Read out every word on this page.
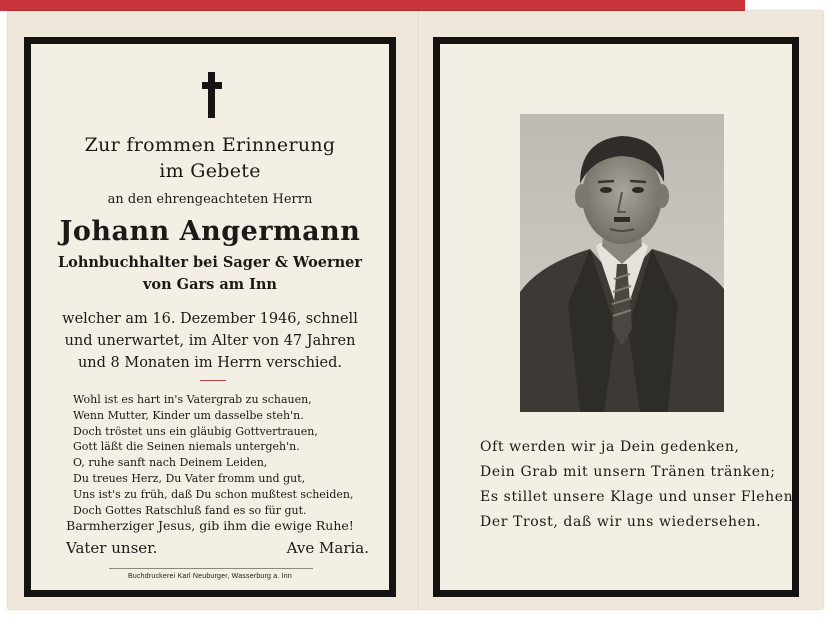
Zur frommen Erinnerung
im Gebete
an den ehrengeachteten Herrn
Johann Angermann
Lohnbuchhalter bei Sager & Woerner
von Gars am Inn
welcher am 16. Dezember 1946, schnell
und unerwartet, im Alter von 47 Jahren
und 8 Monaten im Herrn verschied.
Wohl ist es hart in's Vatergrab zu schauen,
Wenn Mutter, Kinder um dasselbe steh'n.
Doch tröstet uns ein gläubig Gottvertrauen,
Gott läßt die Seinen niemals untergeh'n.
O, ruhe sanft nach Deinem Leiden,
Du treues Herz, Du Vater fromm und gut,
Uns ist's zu früh, daß Du schon mußtest scheiden,
Doch Gottes Ratschluß fand es so für gut.
Barmherziger Jesus, gib ihm die ewige Ruhe!
Vater unser.	Ave Maria.
Buchdruckerei Karl Neuburger, Wasserburg a. Inn
Oft werden wir ja Dein gedenken,
Dein Grab mit unsern Tränen tränken;
Es stillet unsere Klage und unser Flehen
Der Trost, daß wir uns wiedersehen.
